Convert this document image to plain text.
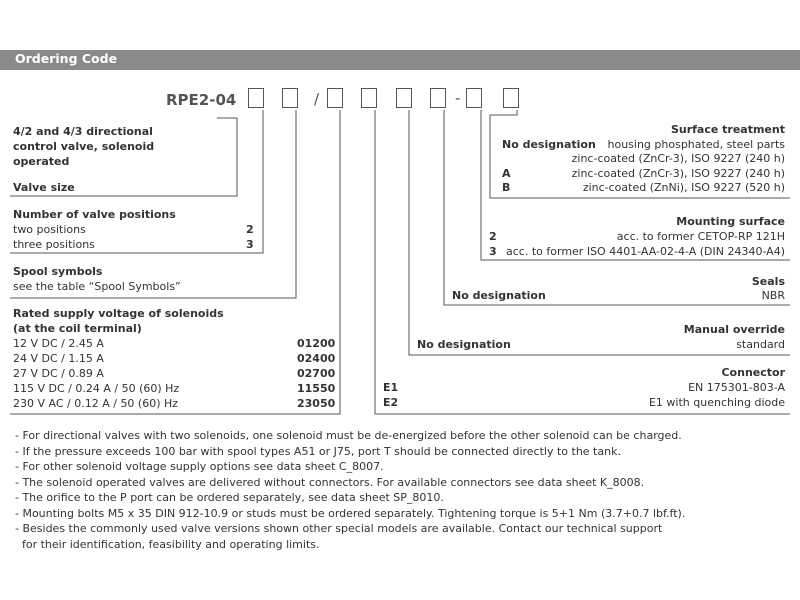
Ordering Code
RPE2-04	/	-
4/2 and 4/3 directional
control valve, solenoid
operated
Valve size
Number of valve positions
two positions	2
three positions	3
Spool symbols
see the table “Spool Symbols”
Rated supply voltage of solenoids
(at the coil terminal)
12 V DC / 2.45 A	01200
24 V DC / 1.15 A	02400
27 V DC / 0.89 A	02700
115 V DC / 0.24 A / 50 (60) Hz	11550
230 V AC / 0.12 A / 50 (60) Hz	23050
Surface treatment
No designation housing phosphated, steel parts
zinc-coated (ZnCr-3), ISO 9227 (240 h)
A	zinc-coated (ZnCr-3), ISO 9227 (240 h)
B	zinc-coated (ZnNi), ISO 9227 (520 h)
Mounting surface
2	acc. to former CETOP-RP 121H
3 acc. to former ISO 4401-AA-02-4-A (DIN 24340-A4)
Seals
No designation	NBR
Manual override
No designation	standard
Connector
E1	EN 175301-803-A
E2	E1 with quenching diode
- For directional valves with two solenoids, one solenoid must be de-energized before the other solenoid can be charged.
- If the pressure exceeds 100 bar with spool types A51 or J75, port T should be connected directly to the tank.
- For other solenoid voltage supply options see data sheet C_8007.
- The solenoid operated valves are delivered without connectors. For available connectors see data sheet K_8008.
- The orifice to the P port can be ordered separately, see data sheet SP_8010.
- Mounting bolts M5 x 35 DIN 912-10.9 or studs must be ordered separately. Tightening torque is 5+1 Nm (3.7+0.7 lbf.ft).
- Besides the commonly used valve versions shown other special models are available. Contact our technical support
for their identification, feasibility and operating limits.
